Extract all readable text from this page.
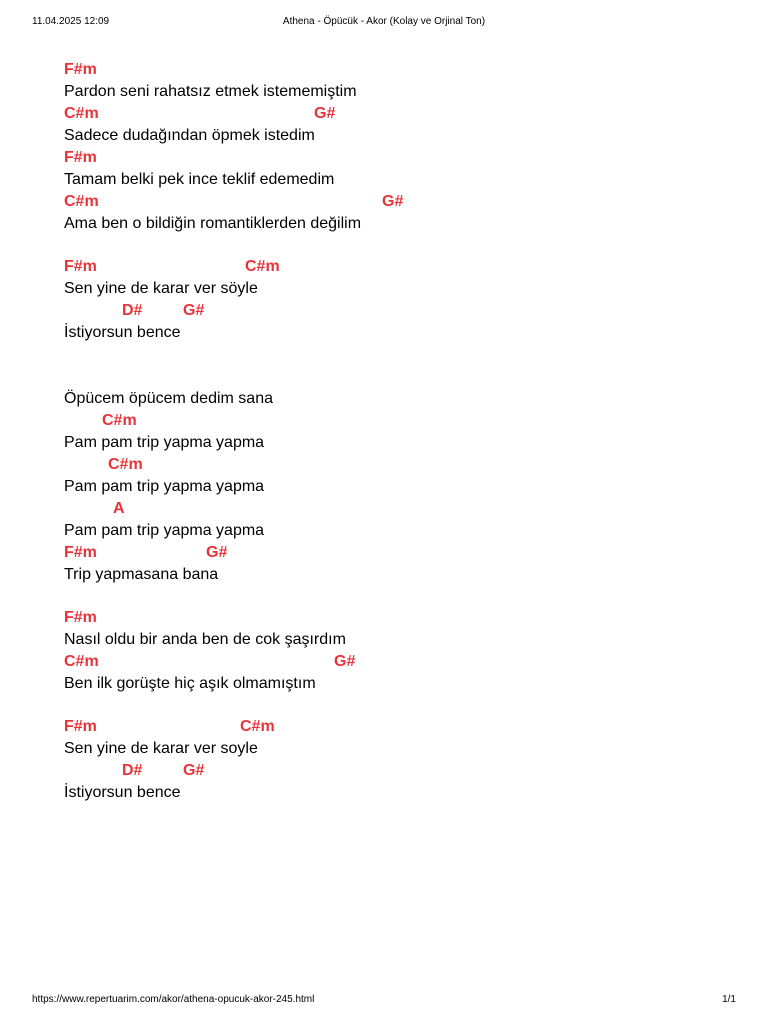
11.04.2025 12:09	Athena - Öpücük - Akor (Kolay ve Orjinal Ton)

F#m

Pardon seni rahatsız etmek istememiştim

C#m

	G#

Sadece dudağından öpmek istedim

F#m

Tamam belki pek ince teklif edemedim

C#m

	G#

Ama ben o bildiğin romantiklerden değilim

F#m

	C#m

Sen yine de karar ver söyle

D#

	G#

İstiyorsun bence
Öpücem öpücem dedim sana

C#m

Pam pam trip yapma yapma

C#m

Pam pam trip yapma yapma

A

Pam pam trip yapma yapma

F#m

	G#

Trip yapmasana bana

F#m

Nasıl oldu bir anda ben de cok şaşırdım

C#m

	G#

Ben ilk gorüşte hiç aşık olmamıştım

F#m

	C#m

Sen yine de karar ver soyle

D#

	G#

İstiyorsun bence
https://www.repertuarim.com/akor/athena-opucuk-akor-245.html	1/1
